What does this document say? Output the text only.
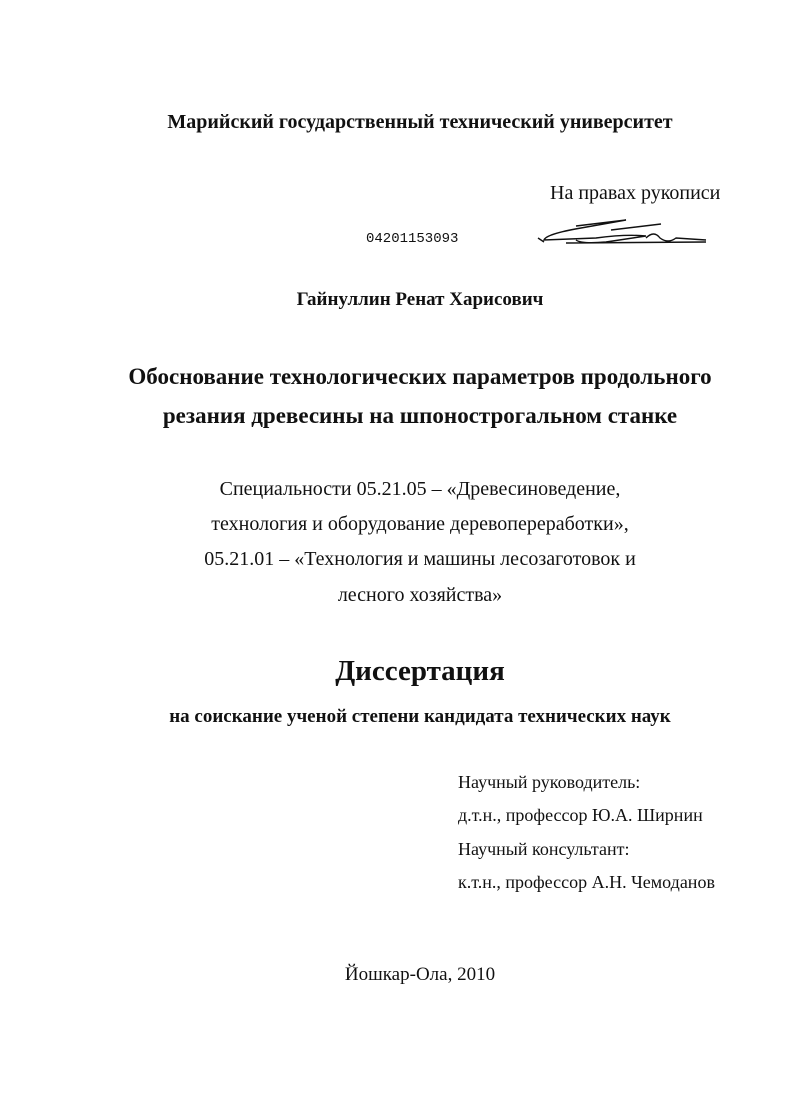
Марийский государственный технический университет
На правах рукописи
04201153093
Гайнуллин Ренат Харисович
Обоснование технологических параметров продольного
резания древесины на шпонострогальном станке
Специальности 05.21.05 – «Древесиноведение,
технология и оборудование деревопереработки»,
05.21.01 – «Технология и машины лесозаготовок и
лесного хозяйства»
Диссертация
на соискание ученой степени кандидата технических наук
Научный руководитель:
д.т.н., профессор Ю.А. Ширнин
Научный консультант:
к.т.н., профессор А.Н. Чемоданов
Йошкар-Ола, 2010
